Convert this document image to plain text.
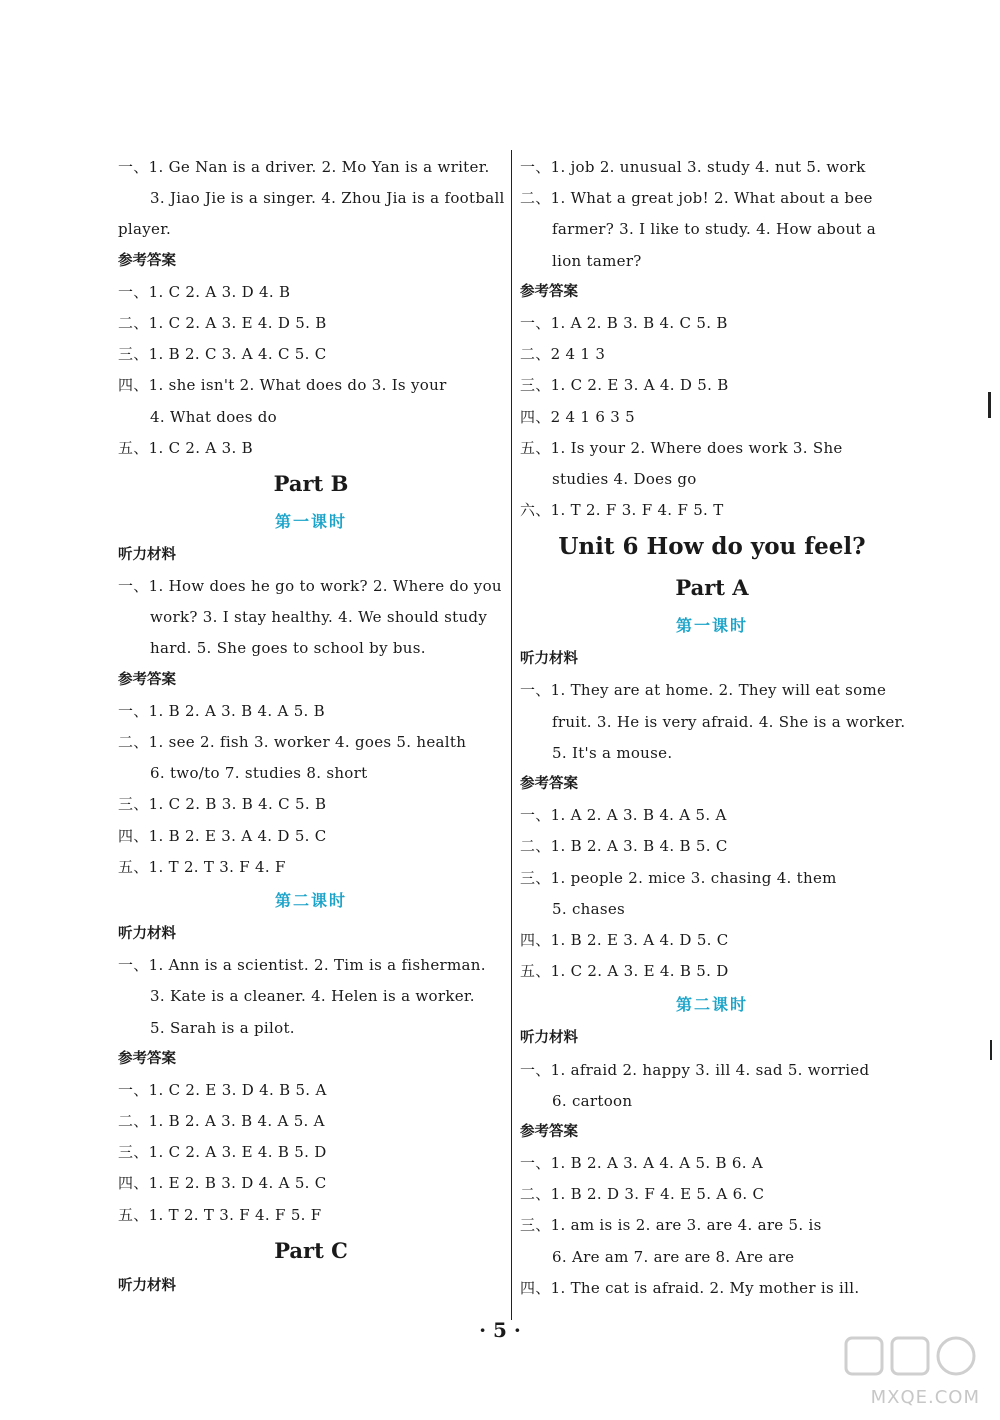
一、1. Ge Nan is a driver. 2. Mo Yan is a writer.
3. Jiao Jie is a singer. 4. Zhou Jia is a football
player.
参考答案
一、1. C 2. A 3. D 4. B
二、1. C 2. A 3. E 4. D 5. B
三、1. B 2. C 3. A 4. C 5. C
四、1. she isn't 2. What does do 3. Is your
4. What does do
五、1. C 2. A 3. B
Part B
第一课时
听力材料
一、1. How does he go to work? 2. Where do you
work? 3. I stay healthy. 4. We should study
hard. 5. She goes to school by bus.
参考答案
一、1. B 2. A 3. B 4. A 5. B
二、1. see 2. fish 3. worker 4. goes 5. health
6. two/to 7. studies 8. short
三、1. C 2. B 3. B 4. C 5. B
四、1. B 2. E 3. A 4. D 5. C
五、1. T 2. T 3. F 4. F
第二课时
听力材料
一、1. Ann is a scientist. 2. Tim is a fisherman.
3. Kate is a cleaner. 4. Helen is a worker.
5. Sarah is a pilot.
参考答案
一、1. C 2. E 3. D 4. B 5. A
二、1. B 2. A 3. B 4. A 5. A
三、1. C 2. A 3. E 4. B 5. D
四、1. E 2. B 3. D 4. A 5. C
五、1. T 2. T 3. F 4. F 5. F
Part C
听力材料
一、1. job 2. unusual 3. study 4. nut 5. work
二、1. What a great job! 2. What about a bee
farmer? 3. I like to study. 4. How about a
lion tamer?
参考答案
一、1. A 2. B 3. B 4. C 5. B
二、2 4 1 3
三、1. C 2. E 3. A 4. D 5. B
四、2 4 1 6 3 5
五、1. Is your 2. Where does work 3. She
studies 4. Does go
六、1. T 2. F 3. F 4. F 5. T
Unit 6 How do you feel?
Part A
第一课时
听力材料
一、1. They are at home. 2. They will eat some
fruit. 3. He is very afraid. 4. She is a worker.
5. It's a mouse.
参考答案
一、1. A 2. A 3. B 4. A 5. A
二、1. B 2. A 3. B 4. B 5. C
三、1. people 2. mice 3. chasing 4. them
5. chases
四、1. B 2. E 3. A 4. D 5. C
五、1. C 2. A 3. E 4. B 5. D
第二课时
听力材料
一、1. afraid 2. happy 3. ill 4. sad 5. worried
6. cartoon
参考答案
一、1. B 2. A 3. A 4. A 5. B 6. A
二、1. B 2. D 3. F 4. E 5. A 6. C
三、1. am is is 2. are 3. are 4. are 5. is
6. Are am 7. are are 8. Are are
四、1. The cat is afraid. 2. My mother is ill.
· 5 ·
MXQE.COM
